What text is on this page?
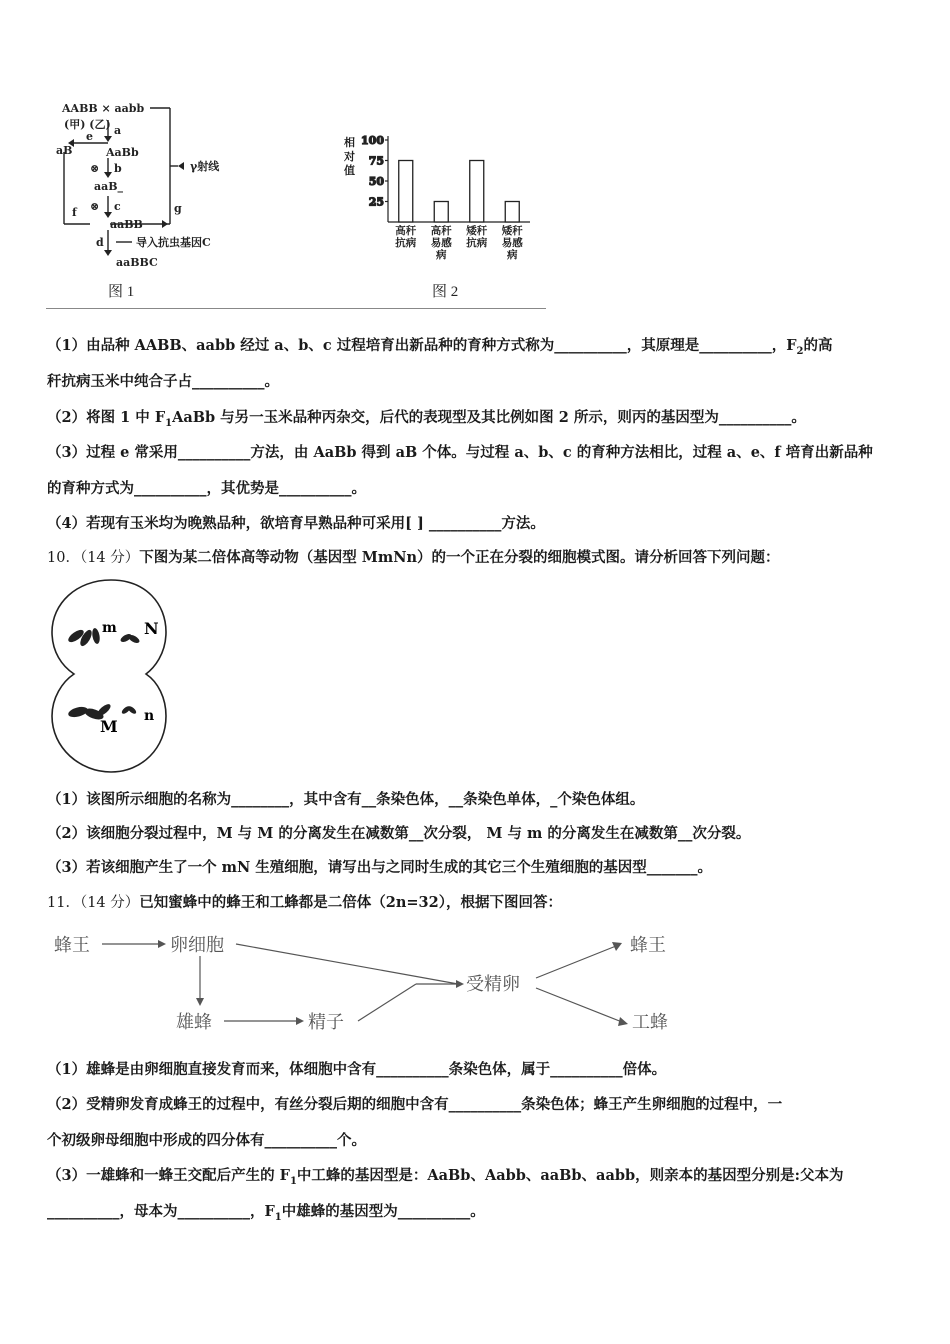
AABB × aabb
(甲) (乙) a
aB
e
AaBb
⊗ b
aaB_
⊗ c
γ射线
g
f
aaBB
d	导入抗虫基因C
aaBBC
图 1
相
对
值
25
50
75
100
高秆
抗病
高秆
易感
病
矮秆
抗病
矮秆
易感
病
图 2
（1）由品种 AABB、aabb 经过 a、b、c 过程培育出新品种的育种方式称为__________，其原理是__________，$F_2$的高
秆抗病玉米中纯合子占__________。
（2）将图 1 中 $F_1AaBb$ 与另一玉米品种丙杂交，后代的表现型及其比例如图 2 所示，则丙的基因型为__________。
（3）过程 e 常采用__________方法，由 AaBb 得到 aB 个体。与过程 a、b、c 的育种方法相比，过程 a、e、f 培育出新品种
的育种方式为__________，其优势是__________。
（4）若现有玉米均为晚熟品种，欲培育早熟品种可采用[ ] __________方法。
10．（14 分）下图为某二倍体高等动物（基因型 MmNn）的一个正在分裂的细胞模式图。请分析回答下列问题：
m N
M
n
（1）该图所示细胞的名称为________，其中含有__条染色体，__条染色单体，_个染色体组。
（2）该细胞分裂过程中，M 与 M 的分离发生在减数第__次分裂， M 与 m 的分离发生在减数第__次分裂。
（3）若该细胞产生了一个 mN 生殖细胞，请写出与之同时生成的其它三个生殖细胞的基因型_______。
11．（14 分）已知蜜蜂中的蜂王和工蜂都是二倍体（2n=32），根据下图回答：
蜂王	卵细胞
雄蜂	精子
受精卵
蜂王
工蜂
（1）雄蜂是由卵细胞直接发育而来，体细胞中含有__________条染色体，属于__________倍体。
（2）受精卵发育成蜂王的过程中，有丝分裂后期的细胞中含有__________条染色体；蜂王产生卵细胞的过程中，一
个初级卵母细胞中形成的四分体有__________个。
（3）一雄蜂和一蜂王交配后产生的 $F_1$中工蜂的基因型是：AaBb、Aabb、aaBb、aabb，则亲本的基因型分别是:父本为
__________，母本为__________，$F_1$中雄蜂的基因型为__________。
